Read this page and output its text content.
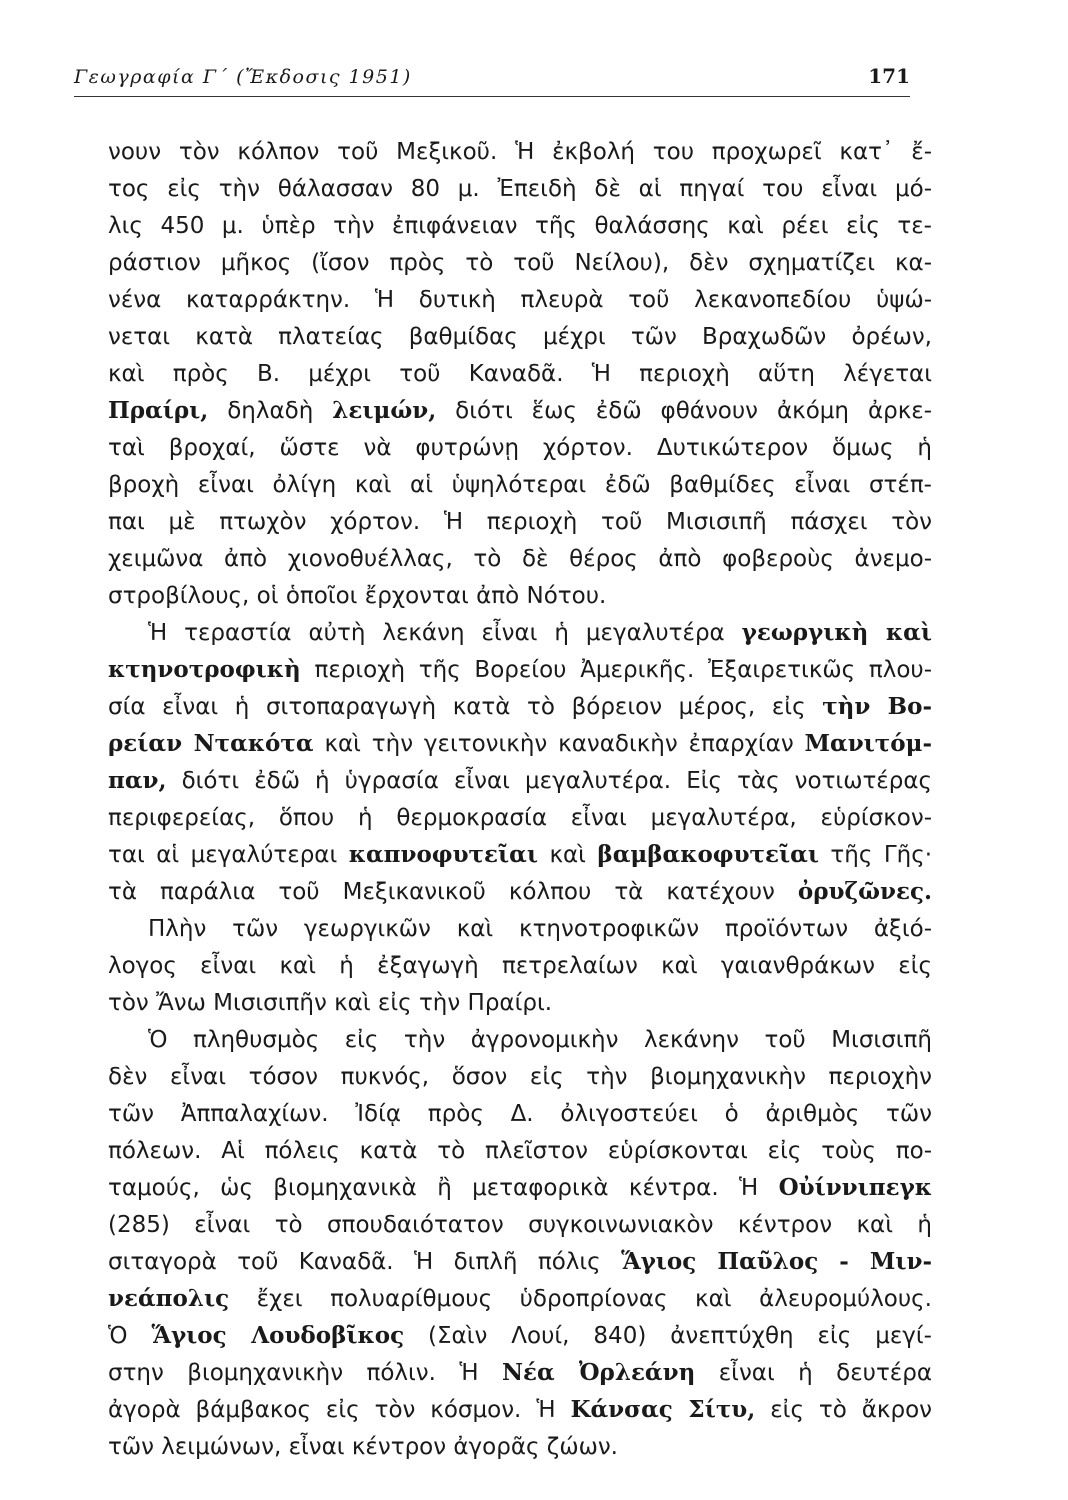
Γεωγραφία Γ΄ (Ἔκδοσις 1951)	171
νουν τὸν κόλπον τοῦ Μεξικοῦ. Ἡ ἐκβολή του προχωρεῖ κατ᾽ ἔ-
τος εἰς τὴν θάλασσαν 80 μ. Ἐπειδὴ δὲ αἱ πηγαί του εἶναι μό-
λις 450 μ. ὑπὲρ τὴν ἐπιφάνειαν τῆς θαλάσσης καὶ ρέει εἰς τε-
ράστιον μῆκος (ἴσον πρὸς τὸ τοῦ Νείλου), δὲν σχηματίζει κα-
νένα καταρράκτην. Ἡ δυτικὴ πλευρὰ τοῦ λεκανοπεδίου ὑψώ-
νεται κατὰ πλατείας βαθμίδας μέχρι τῶν Βραχωδῶν ὀρέων,
καὶ πρὸς Β. μέχρι τοῦ Καναδᾶ. Ἡ περιοχὴ αὕτη λέγεται
Πραίρι, δηλαδὴ λειμών, διότι ἕως ἐδῶ φθάνουν ἀκόμη ἀρκε-
ταὶ βροχαί, ὥστε νὰ φυτρώνῃ χόρτον. Δυτικώτερον ὅμως ἡ
βροχὴ εἶναι ὀλίγη καὶ αἱ ὑψηλότεραι ἐδῶ βαθμίδες εἶναι στέπ-
παι μὲ πτωχὸν χόρτον. Ἡ περιοχὴ τοῦ Μισισιπῆ πάσχει τὸν
χειμῶνα ἀπὸ χιονοθυέλλας, τὸ δὲ θέρος ἀπὸ φοβεροὺς ἀνεμο-
στροβίλους, οἱ ὁποῖοι ἔρχονται ἀπὸ Νότου.
Ἡ τεραστία αὐτὴ λεκάνη εἶναι ἡ μεγαλυτέρα γεωργικὴ καὶ
κτηνοτροφικὴ περιοχὴ τῆς Βορείου Ἀμερικῆς. Ἐξαιρετικῶς πλου-
σία εἶναι ἡ σιτοπαραγωγὴ κατὰ τὸ βόρειον μέρος, εἰς τὴν Βο-
ρείαν Ντακότα καὶ τὴν γειτονικὴν καναδικὴν ἐπαρχίαν Μανιτόμ-
παν, διότι ἐδῶ ἡ ὑγρασία εἶναι μεγαλυτέρα. Εἰς τὰς νοτιωτέρας
περιφερείας, ὅπου ἡ θερμοκρασία εἶναι μεγαλυτέρα, εὑρίσκον-
ται αἱ μεγαλύτεραι καπνοφυτεῖαι καὶ βαμβακοφυτεῖαι τῆς Γῆς·
τὰ παράλια τοῦ Μεξικανικοῦ κόλπου τὰ κατέχουν ὀρυζῶνες.
Πλὴν τῶν γεωργικῶν καὶ κτηνοτροφικῶν προϊόντων ἀξιό-
λογος εἶναι καὶ ἡ ἐξαγωγὴ πετρελαίων καὶ γαιανθράκων εἰς
τὸν Ἄνω Μισισιπῆν καὶ εἰς τὴν Πραίρι.
Ὁ πληθυσμὸς εἰς τὴν ἀγρονομικὴν λεκάνην τοῦ Μισισιπῆ
δὲν εἶναι τόσον πυκνός, ὅσον εἰς τὴν βιομηχανικὴν περιοχὴν
τῶν Ἀππαλαχίων. Ἰδίᾳ πρὸς Δ. ὀλιγοστεύει ὁ ἀριθμὸς τῶν
πόλεων. Αἱ πόλεις κατὰ τὸ πλεῖστον εὑρίσκονται εἰς τοὺς πο-
ταμούς, ὡς βιομηχανικὰ ἢ μεταφορικὰ κέντρα. Ἡ Οὐίννιπεγκ
(285) εἶναι τὸ σπουδαιότατον συγκοινωνιακὸν κέντρον καὶ ἡ
σιταγορὰ τοῦ Καναδᾶ. Ἡ διπλῆ πόλις Ἅγιος Παῦλος - Μιν-
νεάπολις ἔχει πολυαρίθμους ὑδροπρίονας καὶ ἀλευρομύλους.
Ὁ Ἅγιος Λουδοβῖκος (Σαὶν Λουί, 840) ἀνεπτύχθη εἰς μεγί-
στην βιομηχανικὴν πόλιν. Ἡ Νέα Ὀρλεάνη εἶναι ἡ δευτέρα
ἀγορὰ βάμβακος εἰς τὸν κόσμον. Ἡ Κάνσας Σίτυ, εἰς τὸ ἄκρον
τῶν λειμώνων, εἶναι κέντρον ἀγορᾶς ζώων.
